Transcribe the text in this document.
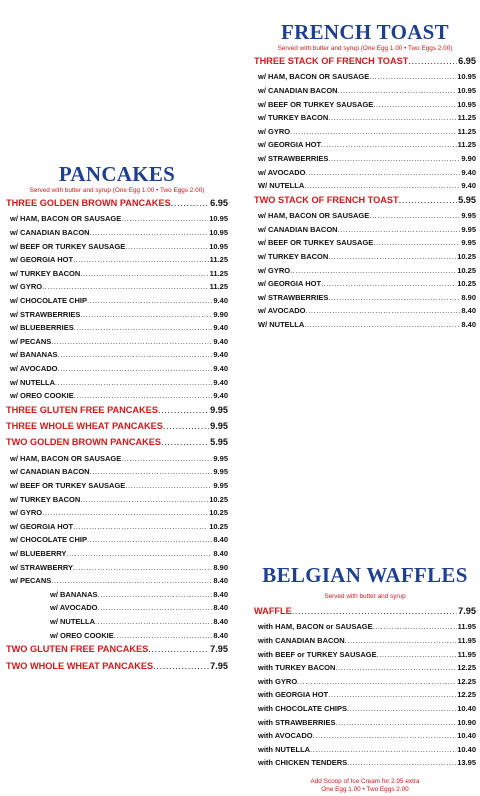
PANCAKES
Served with butter and syrup (One Egg 1.00 • Two Eggs 2.00)
THREE GOLDEN BROWN PANCAKES .....	6.95
w/ HAM, BACON OR SAUSAGE .....	10.95
w/ CANADIAN BACON .....	10.95
w/ BEEF OR TURKEY SAUSAGE .....	10.95
w/ GEORGIA HOT .....	11.25
w/ TURKEY BACON .....	11.25
w/ GYRO .....	11.25
w/ CHOCOLATE CHIP .....	9.40
w/ STRAWBERRIES .....	9.90
w/ BLUEBERRIES .....	9.40
w/ PECANS .....	9.40
w/ BANANAS .....	9.40
w/ AVOCADO .....	9.40
w/ NUTELLA .....	9.40
w/ OREO COOKIE .....	9.40
THREE GLUTEN FREE PANCAKES .....	9.95
THREE WHOLE WHEAT PANCAKES .....	9.95
TWO GOLDEN BROWN PANCAKES .....	5.95
w/ HAM, BACON OR SAUSAGE .....	9.95
w/ CANADIAN BACON .....	9.95
w/ BEEF OR TURKEY SAUSAGE .....	9.95
w/ TURKEY BACON .....	10.25
w/ GYRO .....	10.25
w/ GEORGIA HOT .....	10.25
w/ CHOCOLATE CHIP .....	8.40
w/ BLUEBERRY .....	8.40
w/ STRAWBERRY .....	8.90
w/ PECANS .....	8.40
w/ BANANAS .....	8.40
w/ AVOCADO .....	8.40
w/ NUTELLA .....	8.40
w/ OREO COOKIE .....	8.40
TWO GLUTEN FREE PANCAKES .....	7.95
TWO WHOLE WHEAT PANCAKES .....	7.95
FRENCH TOAST
Served with butter and syrup (One Egg 1.00 • Two Eggs 2.00)
THREE STACK OF FRENCH TOAST .....	6.95
w/ HAM, BACON OR SAUSAGE .....	10.95
w/ CANADIAN BACON .....	10.95
w/ BEEF OR TURKEY SAUSAGE .....	10.95
w/ TURKEY BACON .....	11.25
w/ GYRO .....	11.25
w/ GEORGIA HOT .....	11.25
w/ STRAWBERRIES .....	9.90
w/ AVOCADO .....	9.40
W/ NUTELLA .....	9.40
TWO STACK OF FRENCH TOAST .....	5.95
w/ HAM, BACON OR SAUSAGE .....	9.95
w/ CANADIAN BACON .....	9.95
w/ BEEF OR TURKEY SAUSAGE .....	9.95
w/ TURKEY BACON .....	10.25
w/ GYRO .....	10.25
w/ GEORGIA HOT .....	10.25
w/ STRAWBERRIES .....	8.90
w/ AVOCADO .....	8.40
W/ NUTELLA .....	8.40
BELGIAN WAFFLES
Served with butter and syrup
WAFFLE .....	7.95
with HAM, BACON or SAUSAGE .....	11.95
with CANADIAN BACON .....	11.95
with BEEF or TURKEY SAUSAGE .....	11.95
with TURKEY BACON .....	12.25
with GYRO .....	12.25
with GEORGIA HOT .....	12.25
with CHOCOLATE CHIPS .....	10.40
with STRAWBERRIES .....	10.90
with AVOCADO .....	10.40
with NUTELLA .....	10.40
with CHICKEN TENDERS .....	13.95
Add Scoop of Ice Cream for 2.95 extra
One Egg 1.00 • Two Eggs 2.00
